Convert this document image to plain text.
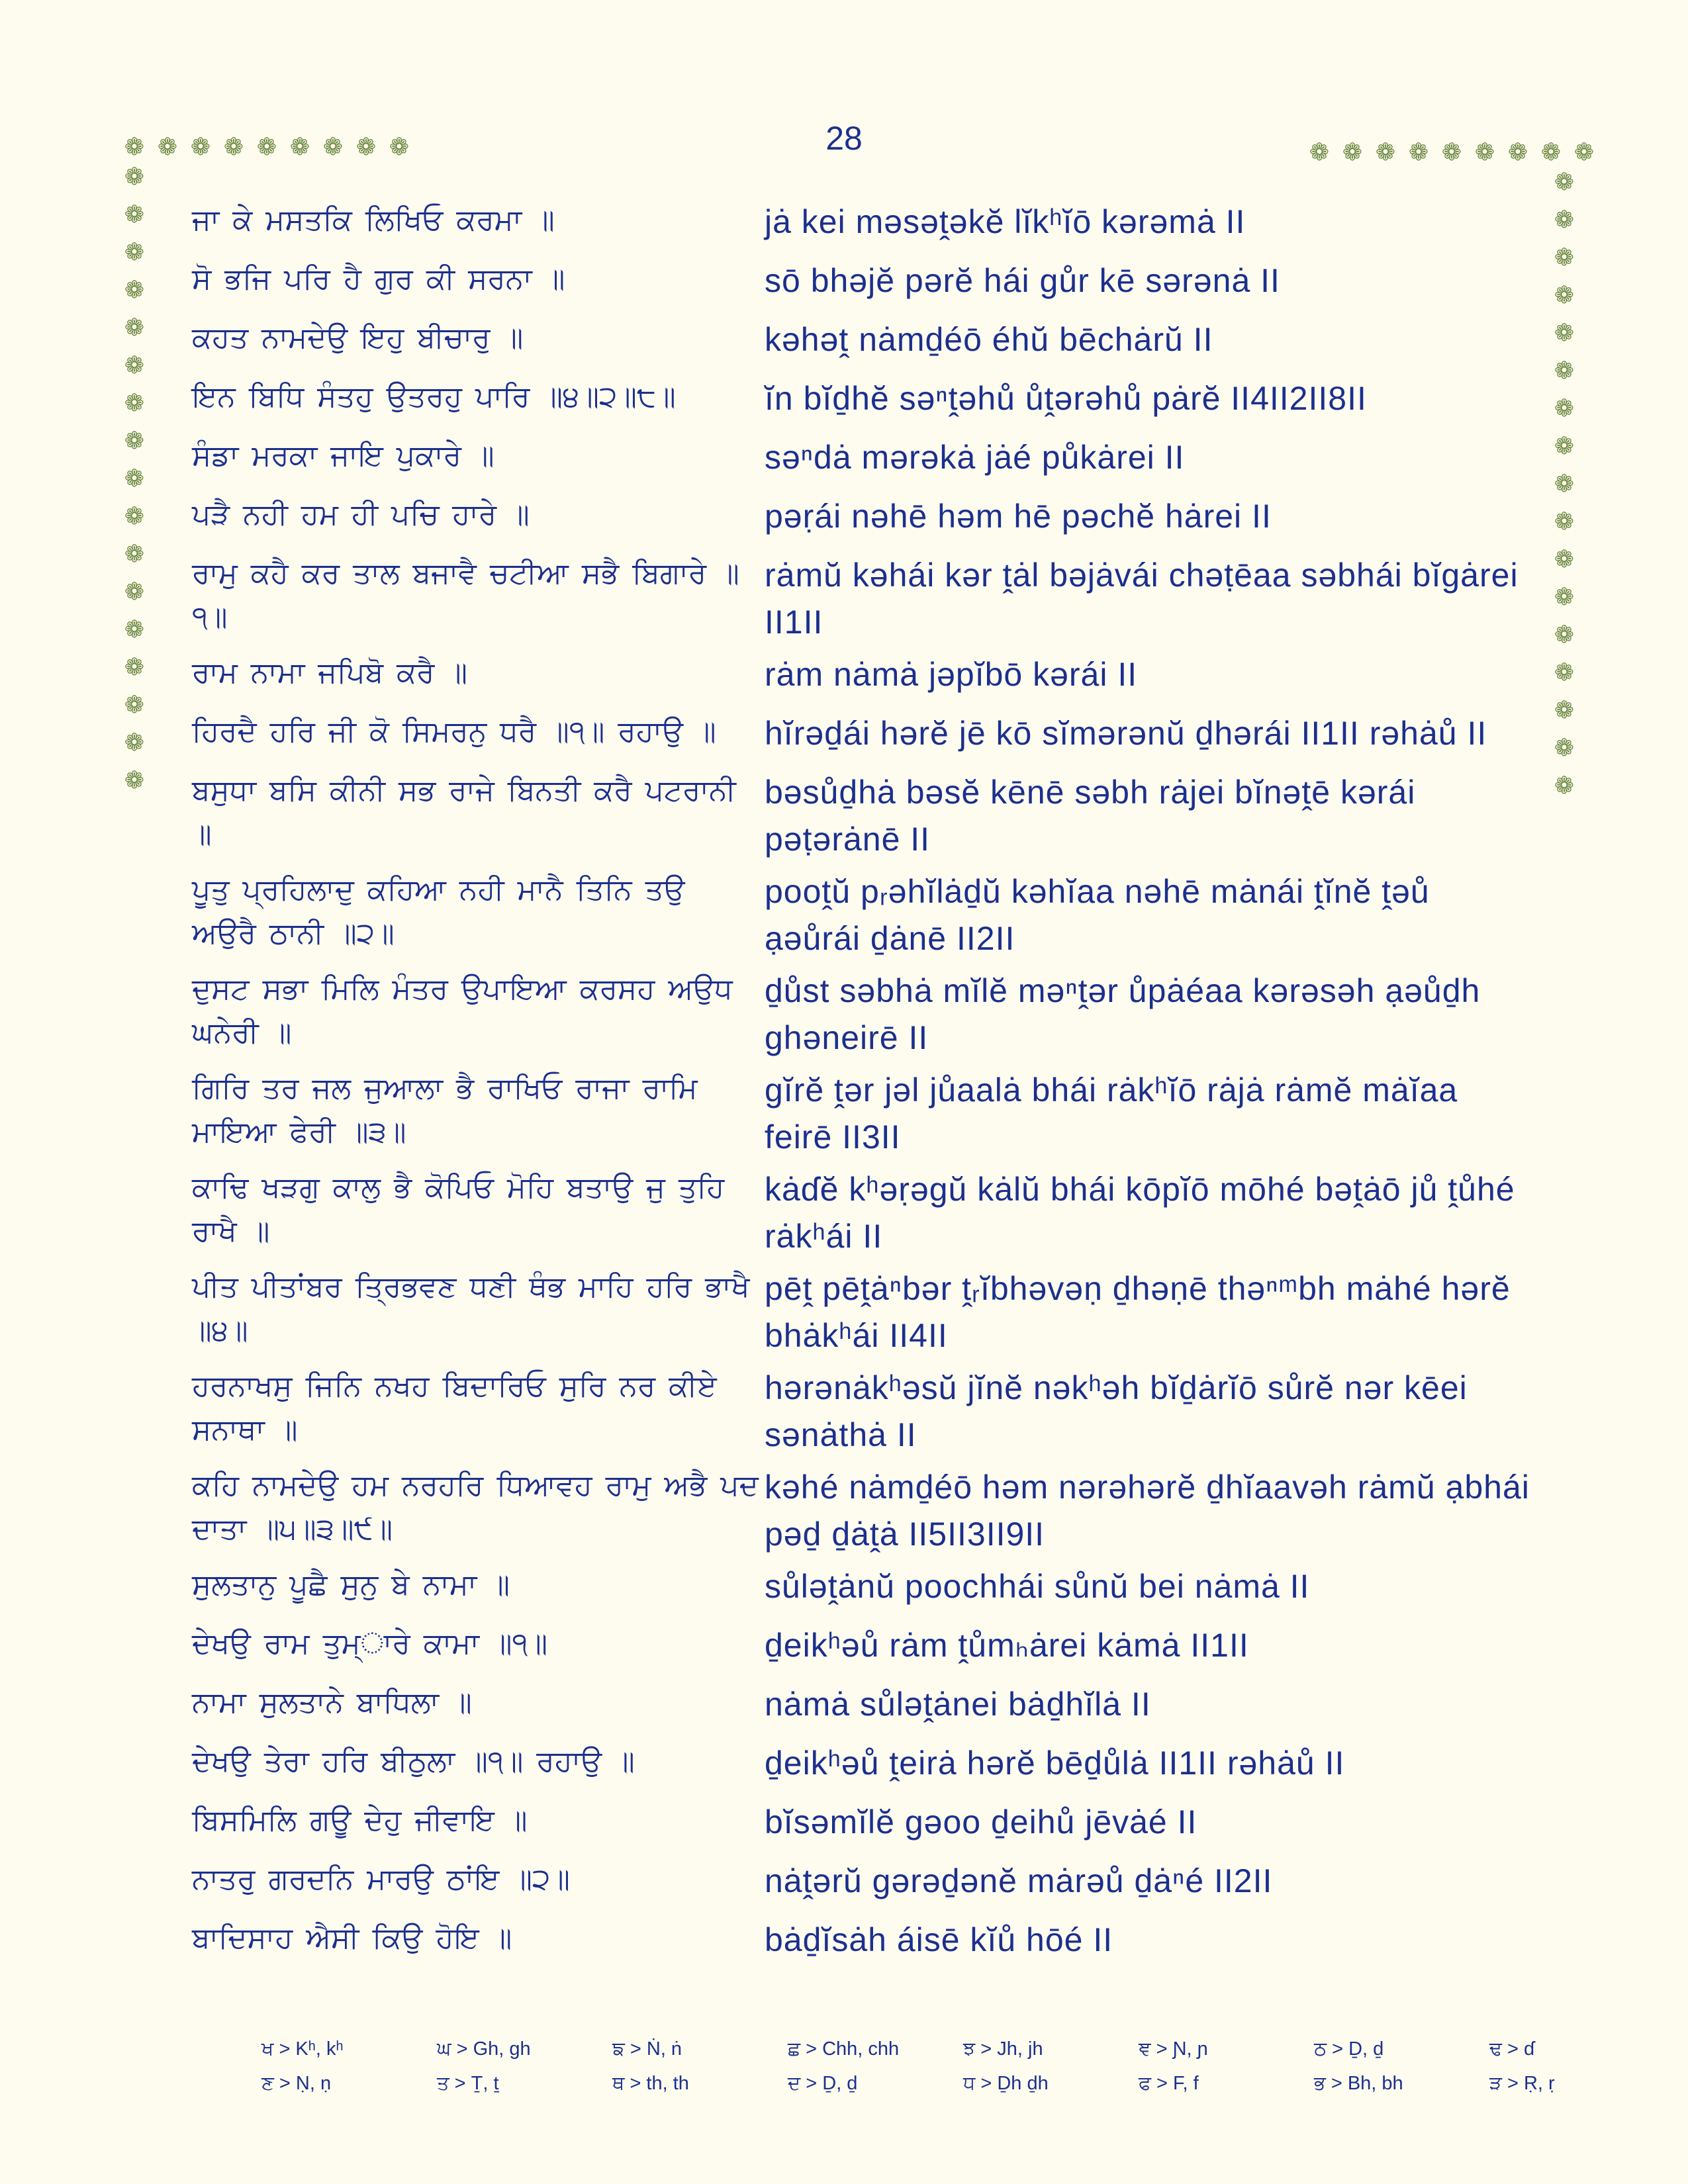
28
❁ ❁ ❁ ❁ ❁ ❁ ❁ ❁ ❁	❁ ❁ ❁ ❁ ❁ ❁ ❁ ❁ ❁
❁
❁
❁
❁
❁
❁
❁
❁
❁
❁
❁
❁
❁
❁
❁
❁
❁
❁
❁
❁
❁
❁
❁
❁
❁
❁
❁
❁
❁
❁
❁
❁
❁
❁
ਜਾ ਕੇ ਮਸਤਕਿ ਲਿਖਿਓ ਕਰਮਾ ॥	jȧ kei məsəṱəkĕ lĭkʰĭō kərəmȧ II
ਸੋ ਭਜਿ ਪਰਿ ਹੈ ਗੁਰ ਕੀ ਸਰਨਾ ॥	sō bhəjĕ pərĕ hái gůr kē sərənȧ II
ਕਹਤ ਨਾਮਦੇਉ ਇਹੁ ਬੀਚਾਰੁ ॥	kəhəṱ nȧmḏéō éhŭ bēchȧrŭ II
ਇਨ ਬਿਧਿ ਸੰਤਹੁ ਉਤਰਹੁ ਪਾਰਿ ॥੪॥੨॥੮॥	ĭn bĭḏhĕ səⁿṱəhů ůṱərəhů pȧrĕ II4II2II8II
ਸੰਡਾ ਮਰਕਾ ਜਾਇ ਪੁਕਾਰੇ ॥	səⁿdȧ mərəkȧ jȧé půkȧrei II
ਪੜੈ ਨਹੀ ਹਮ ਹੀ ਪਚਿ ਹਾਰੇ ॥	pəṛái nəhē həm hē pəchĕ hȧrei II
ਰਾਮੁ ਕਹੈ ਕਰ ਤਾਲ ਬਜਾਵੈ ਚਟੀਆ ਸਭੈ ਬਿਗਾਰੇ ॥੧॥
rȧmŭ kəhái kər ṱȧl bəjȧvái chəṭēaa səbhái bĭgȧrei II1II
ਰਾਮ ਨਾਮਾ ਜਪਿਬੋ ਕਰੈ ॥	rȧm nȧmȧ jəpĭbō kərái II
ਹਿਰਦੈ ਹਰਿ ਜੀ ਕੋ ਸਿਮਰਨੁ ਧਰੈ ॥੧॥ ਰਹਾਉ ॥	hĭrəḏái hərĕ jē kō sĭmərənŭ ḏhərái II1II rəhȧů II
ਬਸੁਧਾ ਬਸਿ ਕੀਨੀ ਸਭ ਰਾਜੇ ਬਿਨਤੀ ਕਰੈ ਪਟਰਾਨੀ ॥
bəsůḏhȧ bəsĕ kēnē səbh rȧjei bĭnəṱē kərái pəṭərȧnē II
ਪੂਤੁ ਪ੍ਰਹਿਲਾਦੁ ਕਹਿਆ ਨਹੀ ਮਾਨੈ ਤਿਨਿ ਤਉ ਅਉਰੈ ਠਾਨੀ ॥੨॥
pooṱŭ pᵣəhĭlȧḏŭ kəhĭaa nəhē mȧnái ṱĭnĕ ṱəů ạəůrái ḏȧnē II2II
ਦੁਸਟ ਸਭਾ ਮਿਲਿ ਮੰਤਰ ਉਪਾਇਆ ਕਰਸਹ ਅਉਧ ਘਨੇਰੀ ॥
ḏůst səbhȧ mĭlĕ məⁿṱər ůpȧéaa kərəsəh ạəůḏh ghəneirē II
ਗਿਰਿ ਤਰ ਜਲ ਜੁਆਲਾ ਭੈ ਰਾਖਿਓ ਰਾਜਾ ਰਾਮਿ ਮਾਇਆ ਫੇਰੀ ॥੩॥
gĭrĕ ṱər jəl jůaalȧ bhái rȧkʰĭō rȧjȧ rȧmĕ mȧĭaa feirē II3II
ਕਾਢਿ ਖੜਗੁ ਕਾਲੁ ਭੈ ਕੋਪਿਓ ਮੋਹਿ ਬਤਾਉ ਜੁ ਤੁਹਿ ਰਾਖੈ ॥
kȧɗĕ kʰəṛəgŭ kȧlŭ bhái kōpĭō mōhé bəṱȧō jů ṱůhé rȧkʰái II
ਪੀਤ ਪੀਤਾਂਬਰ ਤ੍ਰਿਭਵਣ ਧਣੀ ਥੰਭ ਮਾਹਿ ਹਰਿ ਭਾਖੈ ॥੪॥
pēṱ pēṱȧⁿbər ṱᵣĭbhəvəṇ ḏhəṇē thəⁿᵐbh mȧhé hərĕ bhȧkʰái II4II
ਹਰਨਾਖਸੁ ਜਿਨਿ ਨਖਹ ਬਿਦਾਰਿਓ ਸੁਰਿ ਨਰ ਕੀਏ ਸਨਾਥਾ ॥
hərənȧkʰəsŭ jĭnĕ nəkʰəh bĭḏȧrĭō sůrĕ nər kēei sənȧthȧ II
ਕਹਿ ਨਾਮਦੇਉ ਹਮ ਨਰਹਰਿ ਧਿਆਵਹ ਰਾਮੁ ਅਭੈ ਪਦ ਦਾਤਾ ॥੫॥੩॥੯॥
kəhé nȧmḏéō həm nərəhərĕ ḏhĭaavəh rȧmŭ ạbhái pəḏ ḏȧṱȧ II5II3II9II
ਸੁਲਤਾਨੁ ਪੂਛੈ ਸੁਨੁ ਬੇ ਨਾਮਾ ॥	sůləṱȧnŭ poochhái sůnŭ bei nȧmȧ II
ਦੇਖਉ ਰਾਮ ਤੁਮ੍ਾਰੇ ਕਾਮਾ ॥੧॥	ḏeikʰəů rȧm ṱůmₕȧrei kȧmȧ II1II
ਨਾਮਾ ਸੁਲਤਾਨੇ ਬਾਧਿਲਾ ॥	nȧmȧ sůləṱȧnei bȧḏhĭlȧ II
ਦੇਖਉ ਤੇਰਾ ਹਰਿ ਬੀਠੁਲਾ ॥੧॥ ਰਹਾਉ ॥	ḏeikʰəů ṱeirȧ hərĕ bēḏůlȧ II1II rəhȧů II
ਬਿਸਮਿਲਿ ਗਊ ਦੇਹੁ ਜੀਵਾਇ ॥	bĭsəmĭlĕ gəoo ḏeihů jēvȧé II
ਨਾਤਰੁ ਗਰਦਨਿ ਮਾਰਉ ਠਾਂਇ ॥੨॥	nȧṱərŭ gərəḏənĕ mȧrəů ḏȧⁿé II2II
ਬਾਦਿਸਾਹ ਐਸੀ ਕਿਉ ਹੋਇ ॥	bȧḏĭsȧh áisē kĭů hōé II
ਖ > Kʰ, kʰ	ਘ > Gh, gh	ਙ > Ṅ, ṅ	ਛ > Chh, chh	ਝ > Jh, jh	ਞ > Ɲ, ɲ	ਠ > Ḏ, ḏ	ਢ > ɗ
ਣ > Ṇ, ṇ	ਤ > Ṯ, ṯ	ਥ > th, th	ਦ > Ḏ, ḏ	ਧ > Ḏh ḏh	ਫ > F, f	ਭ > Bh, bh	ੜ > Ṛ, ṛ
